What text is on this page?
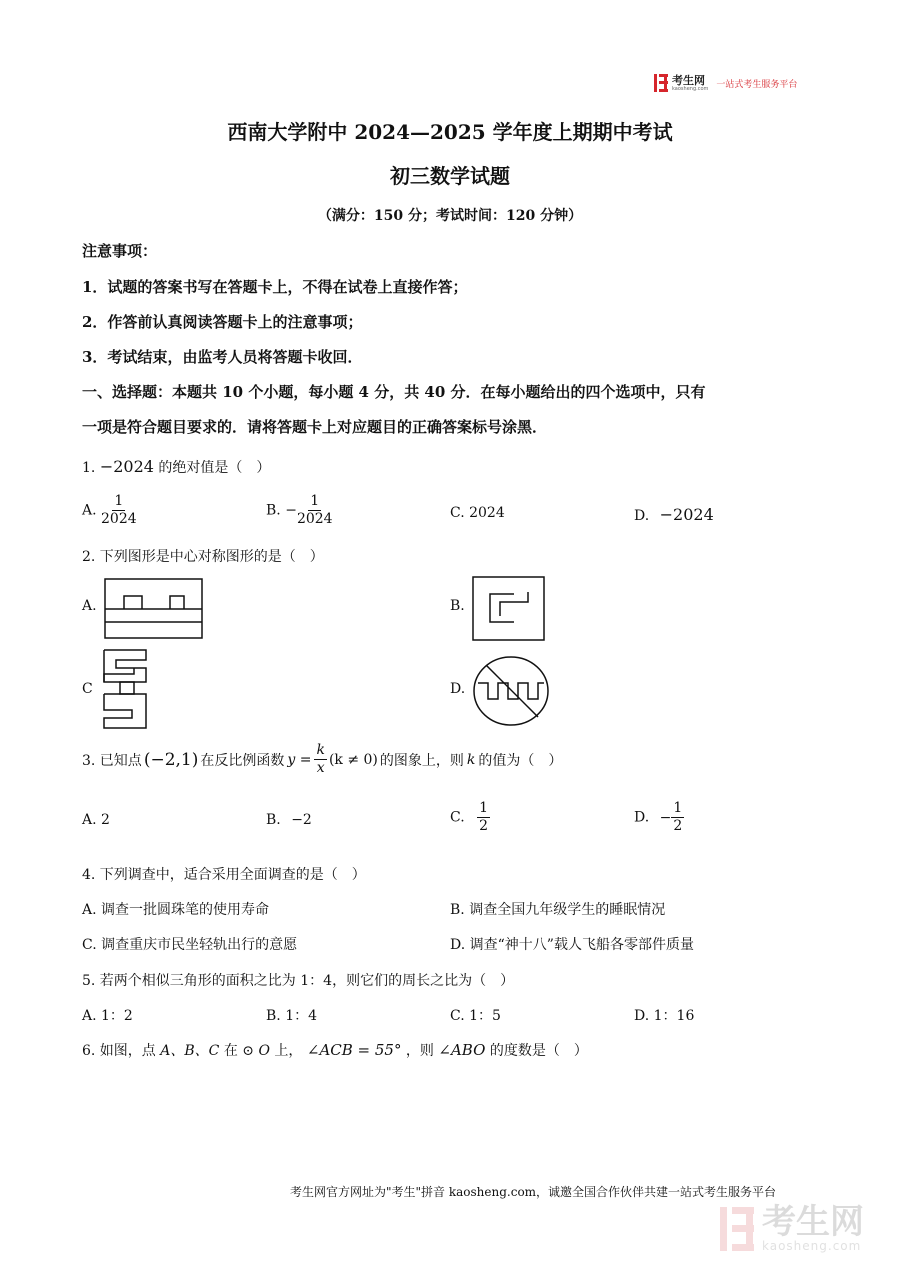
考生网
kaosheng.com 一站式考生服务平台
西南大学附中 2024—2025 学年度上期期中考试
初三数学试题
（满分：150 分；考试时间：120 分钟）
注意事项：
1．试题的答案书写在答题卡上，不得在试卷上直接作答；
2．作答前认真阅读答题卡上的注意事项；
3．考试结束，由监考人员将答题卡收回．
一、选择题：本题共 10 个小题，每小题 4 分，共 40 分．在每小题给出的四个选项中，只有
一项是符合题目要求的．请将答题卡上对应题目的正确答案标号涂黑．
1. −2024 的绝对值是（　）
A. $\frac{1}{2024}$	B. − $\frac{1}{2024}$	C. 2024	D. −2024
2. 下列图形是中心对称图形的是（　）
A.	B.
C	D.
3. 已知点 (−2,1) 在反比例函数 $y = \frac{k}{x} (k \ne 0)$ 的图象上，则 k 的值为（　）
A. 2	B. −2	C. $\frac{1}{2}$	D. − $\frac{1}{2}$
4. 下列调查中，适合采用全面调查的是（　）
A. 调查一批圆珠笔的使用寿命	B. 调查全国九年级学生的睡眠情况
C. 调查重庆市民坐轻轨出行的意愿	D. 调查“神十八”载人飞船各零部件质量
5. 若两个相似三角形的面积之比为 1：4，则它们的周长之比为（　）
A. 1：2	B. 1：4	C. 1：5	D. 1：16
6. 如图，点 A、B、C 在 ⊙ O 上， ∠ACB = 55° ，则 ∠ABO 的度数是（　）
考生网官方网址为"考生"拼音 kaosheng.com，诚邀全国合作伙伴共建一站式考生服务平台
考生网
kaosheng.com
